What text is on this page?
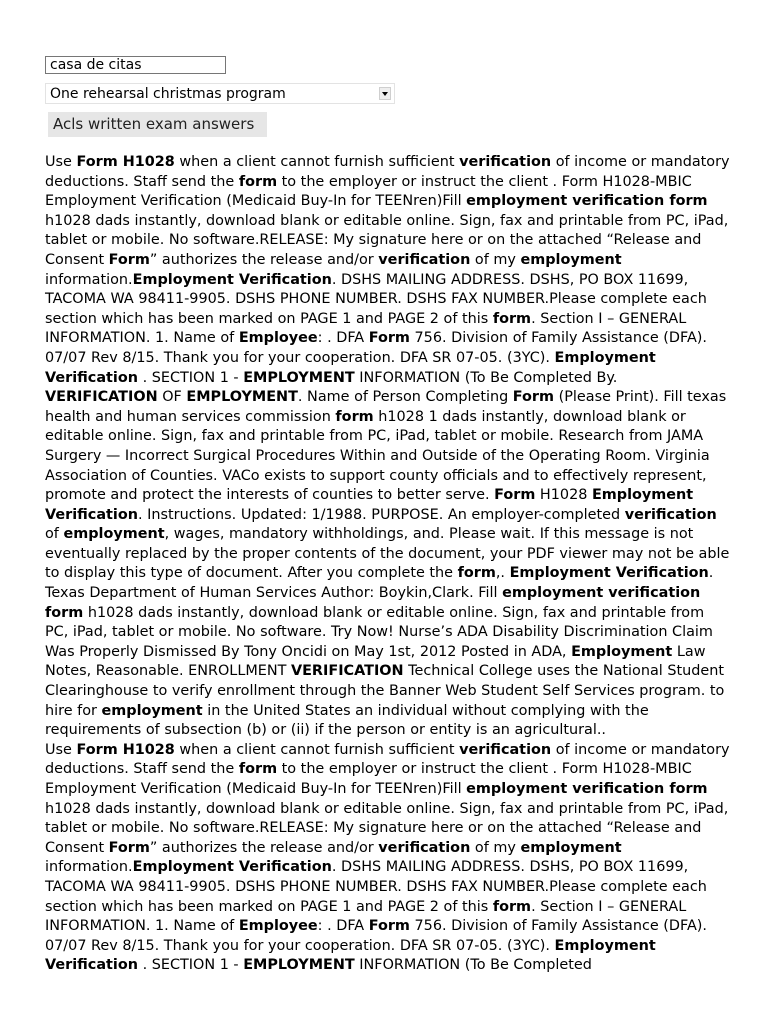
casa de citas
One rehearsal christmas program
Acls written exam answers
Use Form H1028 when a client cannot furnish sufficient verification of income or mandatory deductions. Staff send the form to the employer or instruct the client . Form H1028-MBIC Employment Verification (Medicaid Buy-In for TEENren)Fill employment verification form h1028 dads instantly, download blank or editable online. Sign, fax and printable from PC, iPad, tablet or mobile. No software.RELEASE: My signature here or on the attached “Release and Consent Form” authorizes the release and/or verification of my employment information.Employment Verification. DSHS MAILING ADDRESS. DSHS, PO BOX 11699, TACOMA WA 98411-9905. DSHS PHONE NUMBER. DSHS FAX NUMBER.Please complete each section which has been marked on PAGE 1 and PAGE 2 of this form. Section I – GENERAL INFORMATION. 1. Name of Employee: . DFA Form 756. Division of Family Assistance (DFA). 07/07 Rev 8/15. Thank you for your cooperation. DFA SR 07-05. (3YC). Employment Verification . SECTION 1 - EMPLOYMENT INFORMATION (To Be Completed By. VERIFICATION OF EMPLOYMENT. Name of Person Completing Form (Please Print). Fill texas health and human services commission form h1028 1 dads instantly, download blank or editable online. Sign, fax and printable from PC, iPad, tablet or mobile. Research from JAMA Surgery — Incorrect Surgical Procedures Within and Outside of the Operating Room. Virginia Association of Counties. VACo exists to support county officials and to effectively represent, promote and protect the interests of counties to better serve. Form H1028 Employment Verification. Instructions. Updated: 1/1988. PURPOSE. An employer-completed verification of employment, wages, mandatory withholdings, and. Please wait. If this message is not eventually replaced by the proper contents of the document, your PDF viewer may not be able to display this type of document. After you complete the form,. Employment Verification. Texas Department of Human Services Author: Boykin,Clark. Fill employment verification form h1028 dads instantly, download blank or editable online. Sign, fax and printable from PC, iPad, tablet or mobile. No software. Try Now! Nurse’s ADA Disability Discrimination Claim Was Properly Dismissed By Tony Oncidi on May 1st, 2012 Posted in ADA, Employment Law Notes, Reasonable. ENROLLMENT VERIFICATION Technical College uses the National Student Clearinghouse to verify enrollment through the Banner Web Student Self Services program. to hire for employment in the United States an individual without complying with the requirements of subsection (b) or (ii) if the person or entity is an agricultural..
Use Form H1028 when a client cannot furnish sufficient verification of income or mandatory deductions. Staff send the form to the employer or instruct the client . Form H1028-MBIC Employment Verification (Medicaid Buy-In for TEENren)Fill employment verification form h1028 dads instantly, download blank or editable online. Sign, fax and printable from PC, iPad, tablet or mobile. No software.RELEASE: My signature here or on the attached “Release and Consent Form” authorizes the release and/or verification of my employment information.Employment Verification. DSHS MAILING ADDRESS. DSHS, PO BOX 11699, TACOMA WA 98411-9905. DSHS PHONE NUMBER. DSHS FAX NUMBER.Please complete each section which has been marked on PAGE 1 and PAGE 2 of this form. Section I – GENERAL INFORMATION. 1. Name of Employee: . DFA Form 756. Division of Family Assistance (DFA). 07/07 Rev 8/15. Thank you for your cooperation. DFA SR 07-05. (3YC). Employment Verification . SECTION 1 - EMPLOYMENT INFORMATION (To Be Completed
